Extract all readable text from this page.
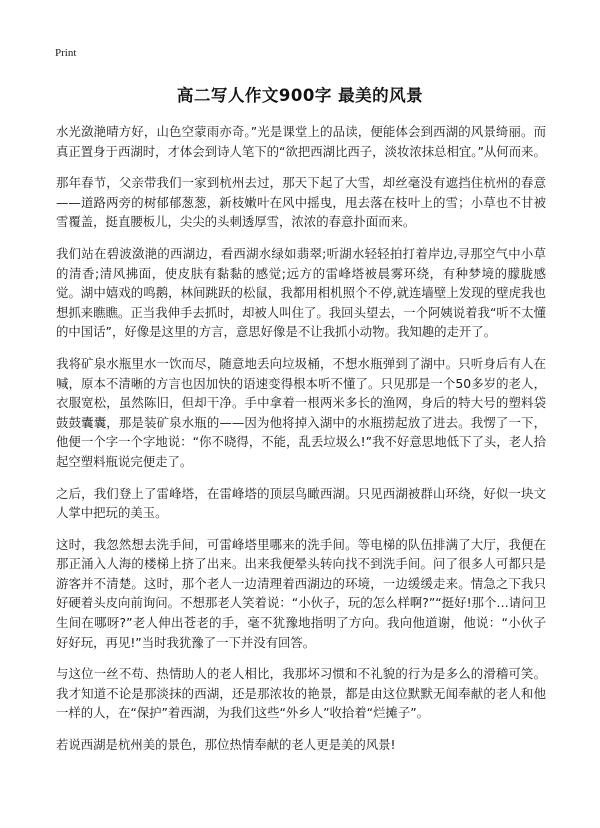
Print
高二写人作文900字 最美的风景

水光潋滟晴方好，山色空蒙雨亦奇。”光是课堂上的品读，便能体会到西湖的风景绮丽。而真正置身于西湖时，才体会到诗人笔下的“欲把西湖比西子，淡妆浓抹总相宜。”从何而来。

那年春节，父亲带我们一家到杭州去过，那天下起了大雪，却丝毫没有遮挡住杭州的春意——道路两旁的树郁郁葱葱，新枝嫩叶在风中摇曳，甩去落在枝叶上的雪；小草也不甘被雪覆盖，挺直腰板儿，尖尖的头刺透厚雪，浓浓的春意扑面而来。

我们站在碧波潋滟的西湖边，看西湖水绿如翡翠;听湖水轻轻拍打着岸边,寻那空气中小草的清香;清风拂面，使皮肤有黏黏的感觉;远方的雷峰塔被晨雾环绕，有种梦境的朦胧感觉。湖中嬉戏的鸣鹅，林间跳跃的松鼠，我都用相机照个不停,就连墙壁上发现的壁虎我也想抓来瞧瞧。正当我伸手去抓时，却被人叫住了。我回头望去，一个阿姨说着我“听不太懂的中国话”，好像是这里的方言，意思好像是不让我抓小动物。我知趣的走开了。

我将矿泉水瓶里水一饮而尽，随意地丢向垃圾桶，不想水瓶弹到了湖中。只听身后有人在喊，原本不清晰的方言也因加快的语速变得根本听不懂了。只见那是一个50多岁的老人，衣服宽松，虽然陈旧，但却干净。手中拿着一根两米多长的渔网，身后的特大号的塑料袋鼓鼓囊囊，那是装矿泉水瓶的——因为他将掉入湖中的水瓶捞起放了进去。我愣了一下，他便一个字一个字地说：“你不晓得，不能，乱丢垃圾么!”我不好意思地低下了头，老人拾起空塑料瓶说完便走了。

之后，我们登上了雷峰塔，在雷峰塔的顶层鸟瞰西湖。只见西湖被群山环绕，好似一块文人掌中把玩的美玉。

这时，我忽然想去洗手间，可雷峰塔里哪来的洗手间。等电梯的队伍排满了大厅，我便在那正涌入人海的楼梯上挤了出来。出来我便晕头转向找不到洗手间。问了很多人可都只是游客并不清楚。这时，那个老人一边清理着西湖边的环境，一边缓缓走来。情急之下我只好硬着头皮向前询问。不想那老人笑着说：“小伙子，玩的怎么样啊?”“挺好!那个…请问卫生间在哪呀?”老人伸出苍老的手，毫不犹豫地指明了方向。我向他道谢，他说：“小伙子好好玩，再见!”当时我犹豫了一下并没有回答。

与这位一丝不苟、热情助人的老人相比，我那坏习惯和不礼貌的行为是多么的滑稽可笑。我才知道不论是那淡抹的西湖，还是那浓妆的艳景，都是由这位默默无闻奉献的老人和他一样的人，在“保护”着西湖，为我们这些“外乡人”收拾着“烂摊子”。

若说西湖是杭州美的景色，那位热情奉献的老人更是美的风景!
